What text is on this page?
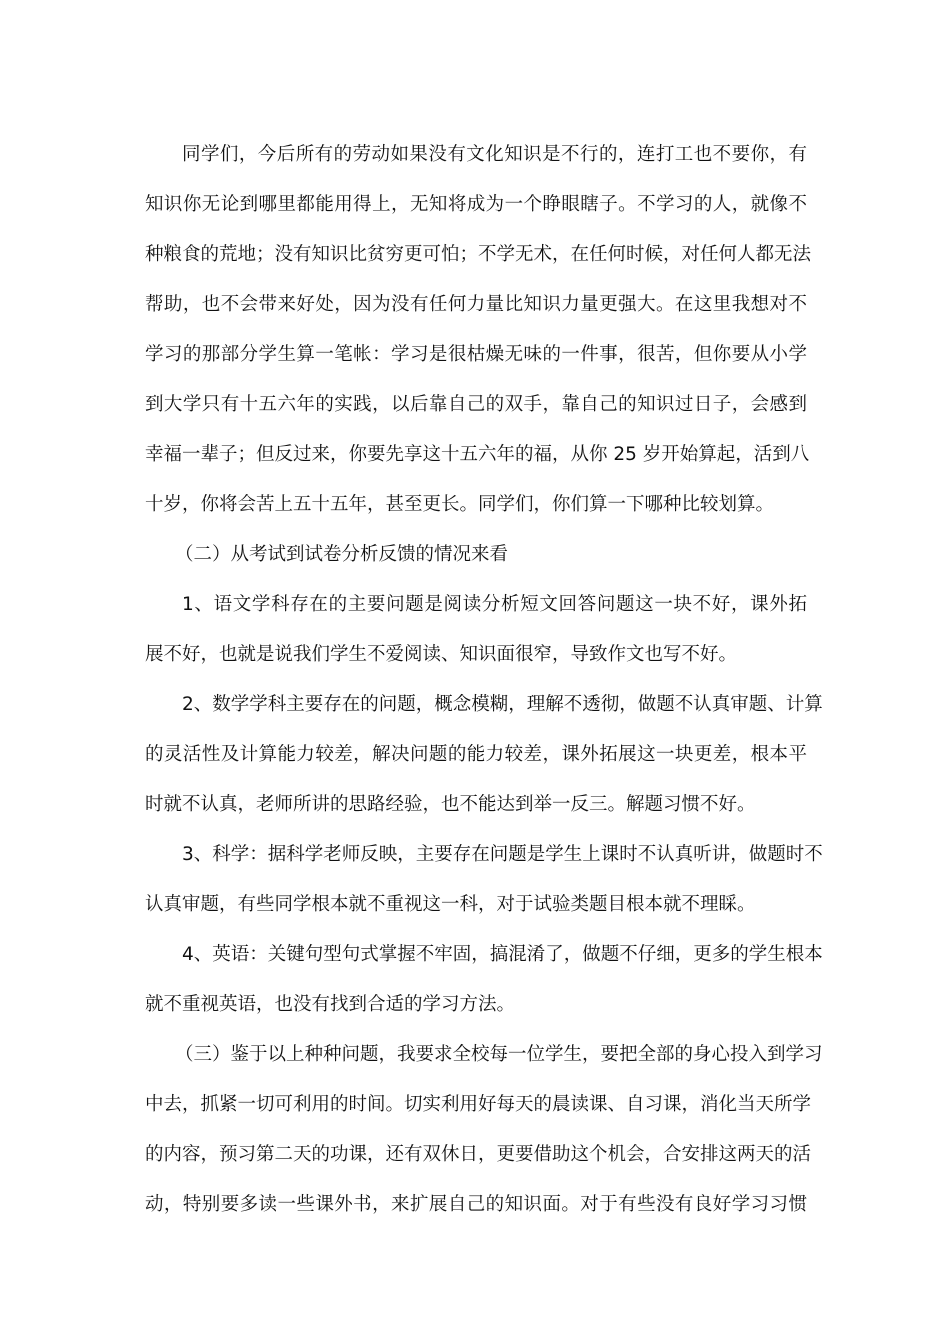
同学们，今后所有的劳动如果没有文化知识是不行的，连打工也不要你，有
知识你无论到哪里都能用得上，无知将成为一个睁眼瞎子。不学习的人，就像不
种粮食的荒地；没有知识比贫穷更可怕；不学无术，在任何时候，对任何人都无法
帮助，也不会带来好处，因为没有任何力量比知识力量更强大。在这里我想对不
学习的那部分学生算一笔帐：学习是很枯燥无味的一件事，很苦，但你要从小学
到大学只有十五六年的实践，以后靠自己的双手，靠自己的知识过日子，会感到
幸福一辈子；但反过来，你要先享这十五六年的福，从你 25 岁开始算起，活到八
十岁，你将会苦上五十五年，甚至更长。同学们，你们算一下哪种比较划算。
（二）从考试到试卷分析反馈的情况来看
1、语文学科存在的主要问题是阅读分析短文回答问题这一块不好，课外拓
展不好，也就是说我们学生不爱阅读、知识面很窄，导致作文也写不好。
2、数学学科主要存在的问题，概念模糊，理解不透彻，做题不认真审题、计算
的灵活性及计算能力较差，解决问题的能力较差，课外拓展这一块更差，根本平
时就不认真，老师所讲的思路经验，也不能达到举一反三。解题习惯不好。
3、科学：据科学老师反映，主要存在问题是学生上课时不认真听讲，做题时不
认真审题，有些同学根本就不重视这一科，对于试验类题目根本就不理睬。
4、英语：关键句型句式掌握不牢固，搞混淆了，做题不仔细，更多的学生根本
就不重视英语，也没有找到合适的学习方法。
（三）鉴于以上种种问题，我要求全校每一位学生，要把全部的身心投入到学习
中去，抓紧一切可利用的时间。切实利用好每天的晨读课、自习课，消化当天所学
的内容，预习第二天的功课，还有双休日，更要借助这个机会，合安排这两天的活
动，特别要多读一些课外书，来扩展自己的知识面。对于有些没有良好学习习惯
